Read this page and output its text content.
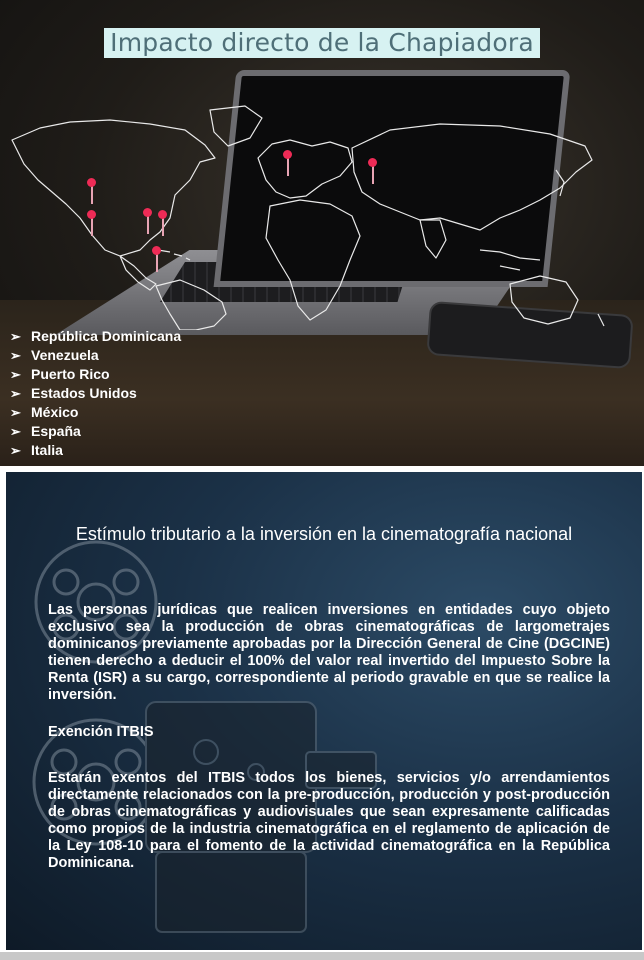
Impacto directo de la Chapiadora
➢ República Dominicana
➢ Venezuela
➢ Puerto Rico
➢ Estados Unidos
➢ México
➢ España
➢ Italia
Estímulo tributario a la inversión en la cinematografía nacional

Las personas jurídicas que realicen inversiones en entidades cuyo objeto exclusivo sea la producción de obras cinematográficas de largometrajes dominicanos previamente aprobadas por la Dirección General de Cine (DGCINE) tienen derecho a deducir el 100% del valor real invertido del Impuesto Sobre la Renta (ISR) a su cargo, correspondiente al periodo gravable en que se realice la inversión.

Exención ITBIS

Estarán exentos del ITBIS todos los bienes, servicios y/o arrendamientos directamente relacionados con la pre-producción, producción y post-producción de obras cinematográficas y audiovisuales que sean expresamente calificadas como propios de la industria cinematográfica en el reglamento de aplicación de la Ley 108-10 para el fomento de la actividad cinematográfica en la República Dominicana.
